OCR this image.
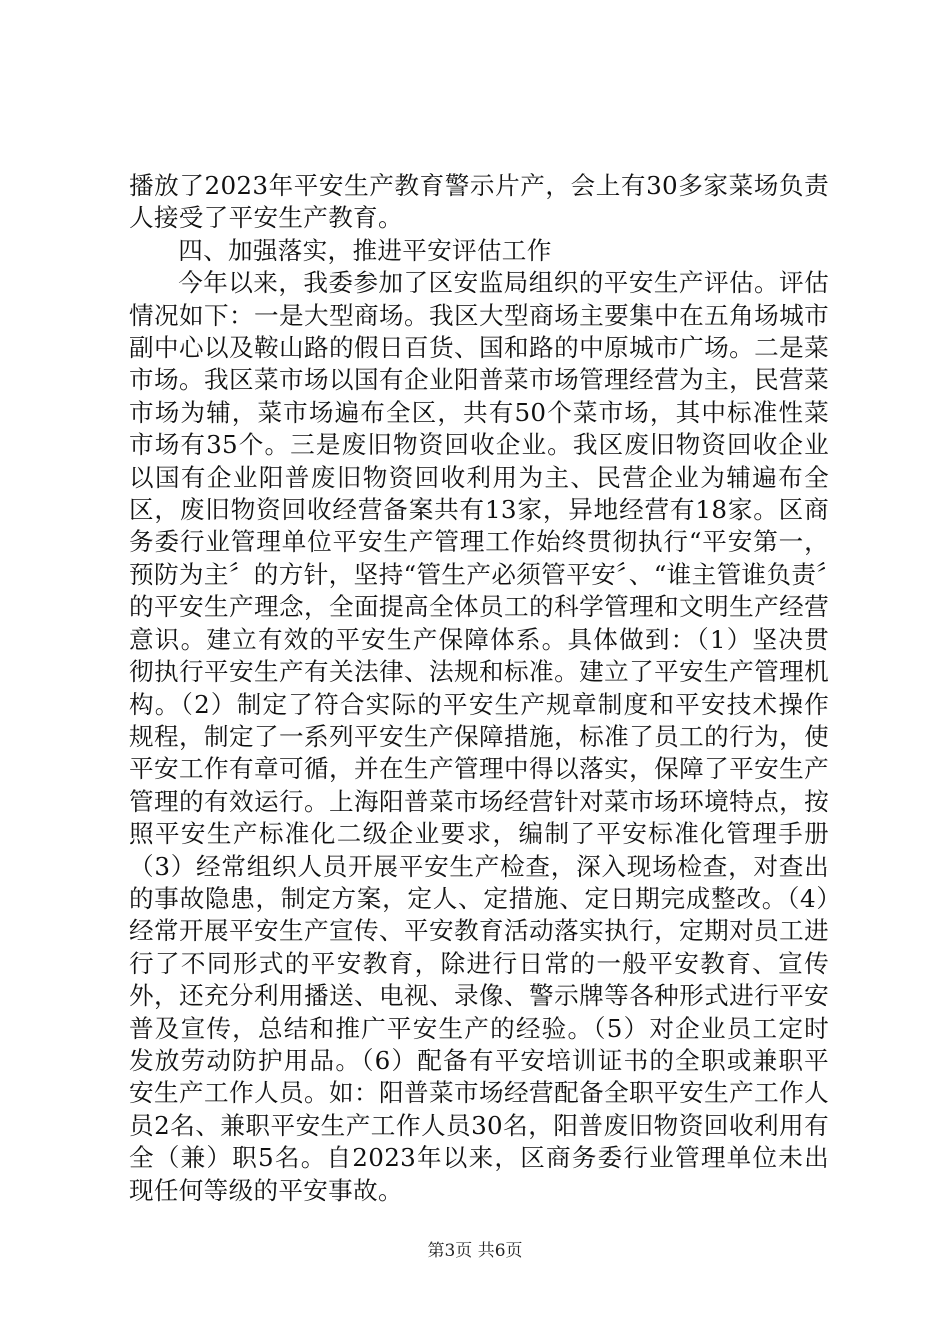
播放了2023年平安生产教育警示片产，会上有30多家菜场负责人接受了平安生产教育。

四、加强落实，推进平安评估工作

今年以来，我委参加了区安监局组织的平安生产评估。评估情况如下：一是大型商场。我区大型商场主要集中在五角场城市副中心以及鞍山路的假日百货、国和路的中原城市广场。二是菜市场。我区菜市场以国有企业阳普菜市场管理经营为主，民营菜市场为辅，菜市场遍布全区，共有50个菜市场，其中标准性菜市场有35个。三是废旧物资回收企业。我区废旧物资回收企业以国有企业阳普废旧物资回收利用为主、民营企业为辅遍布全区，废旧物资回收经营备案共有13家，异地经营有18家。区商务委行业管理单位平安生产管理工作始终贯彻执行“平安第一，预防为主〞的方针，坚持“管生产必须管平安〞、“谁主管谁负责〞的平安生产理念，全面提高全体员工的科学管理和文明生产经营意识。建立有效的平安生产保障体系。具体做到：（1）坚决贯彻执行平安生产有关法律、法规和标准。建立了平安生产管理机构。（2）制定了符合实际的平安生产规章制度和平安技术操作规程，制定了一系列平安生产保障措施，标准了员工的行为，使平安工作有章可循，并在生产管理中得以落实，保障了平安生产管理的有效运行。上海阳普菜市场经营针对菜市场环境特点，按照平安生产标准化二级企业要求，编制了平安标准化管理手册（3）经常组织人员开展平安生产检查，深入现场检查，对查出的事故隐患，制定方案，定人、定措施、定日期完成整改。（4）经常开展平安生产宣传、平安教育活动落实执行，定期对员工进行了不同形式的平安教育，除进行日常的一般平安教育、宣传外，还充分利用播送、电视、录像、警示牌等各种形式进行平安普及宣传，总结和推广平安生产的经验。（5）对企业员工定时发放劳动防护用品。（6）配备有平安培训证书的全职或兼职平安生产工作人员。如：阳普菜市场经营配备全职平安生产工作人员2名、兼职平安生产工作人员30名，阳普废旧物资回收利用有全（兼）职5名。自2023年以来，区商务委行业管理单位未出现任何等级的平安事故。

第3页 共6页
